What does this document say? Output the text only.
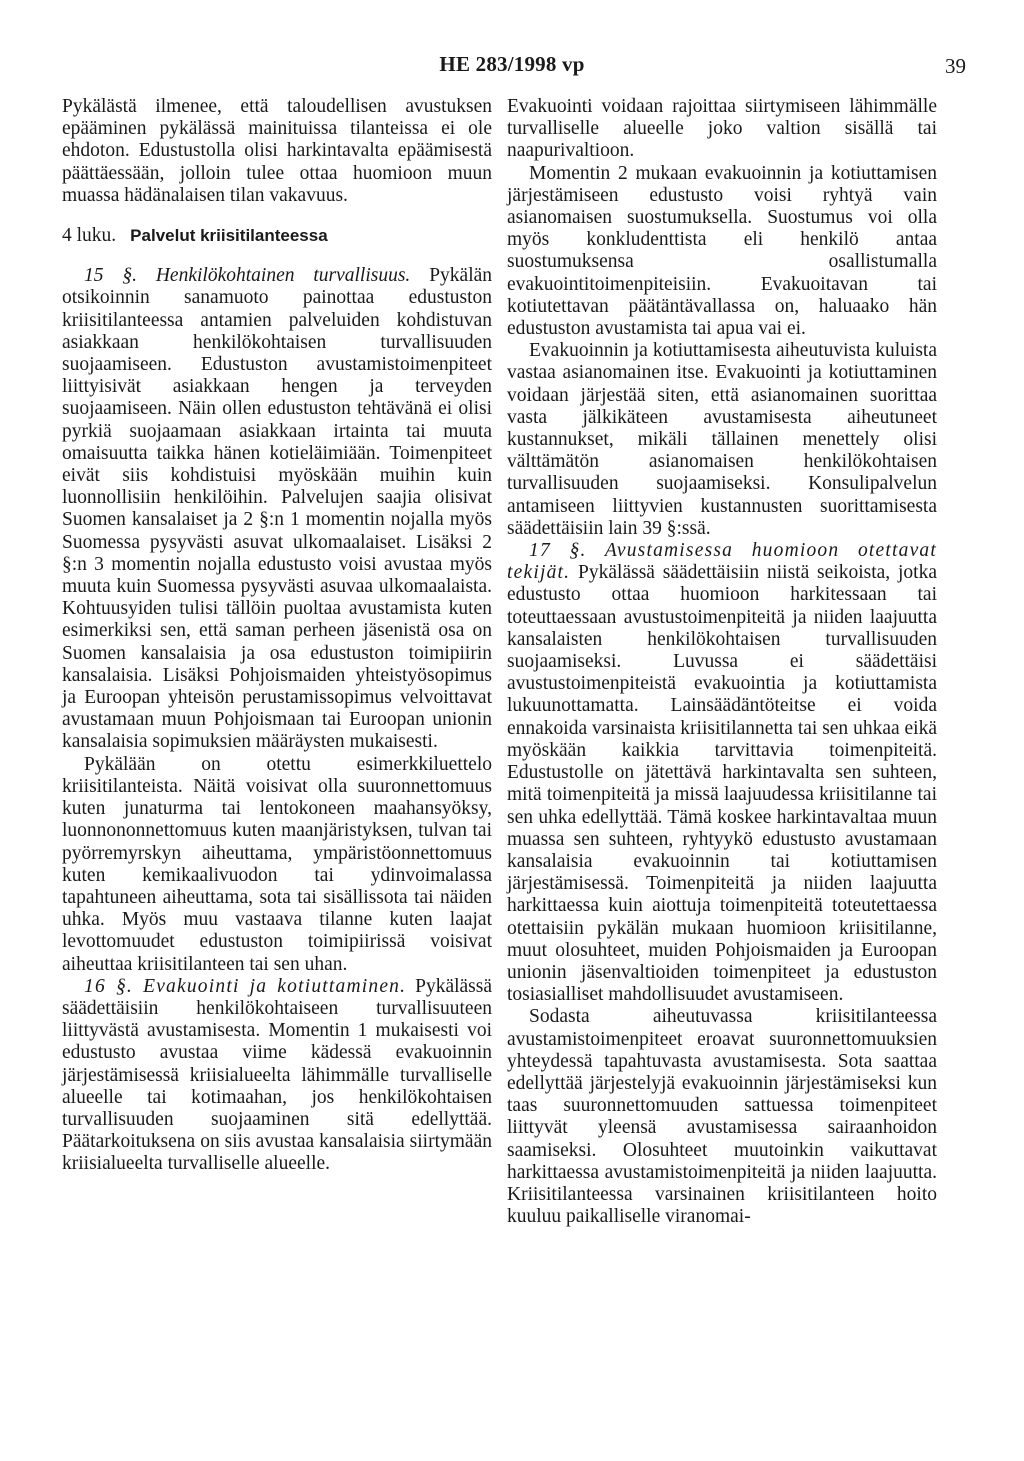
HE 283/1998 vp	39

Pykälästä ilmenee, että taloudellisen avustuksen epääminen pykälässä mainituissa tilanteissa ei ole ehdoton. Edustustolla olisi harkintavalta epäämisestä päättäessään, jolloin tulee ottaa huomioon muun muassa hädänalaisen tilan vakavuus.

4 luku. Palvelut kriisitilanteessa

15 §. Henkilökohtainen turvallisuus. Pykälän otsikoinnin sanamuoto painottaa edustuston kriisitilanteessa antamien palveluiden kohdistuvan asiakkaan henkilökohtaisen turvallisuuden suojaamiseen. Edustuston avustamistoimenpiteet liittyisivät asiakkaan hengen ja terveyden suojaamiseen. Näin ollen edustuston tehtävänä ei olisi pyrkiä suojaamaan asiakkaan irtainta tai muuta omaisuutta taikka hänen kotieläimiään. Toimenpiteet eivät siis kohdistuisi myöskään muihin kuin luonnollisiin henkilöihin. Palvelujen saajia olisivat Suomen kansalaiset ja 2 §:n 1 momentin nojalla myös Suomessa pysyvästi asuvat ulkomaalaiset. Lisäksi 2 §:n 3 momentin nojalla edustusto voisi avustaa myös muuta kuin Suomessa pysyvästi asuvaa ulkomaalaista. Kohtuusyiden tulisi tällöin puoltaa avustamista kuten esimerkiksi sen, että saman perheen jäsenistä osa on Suomen kansalaisia ja osa edustuston toimipiirin kansalaisia. Lisäksi Pohjoismaiden yhteistyösopimus ja Euroopan yhteisön perustamissopimus velvoittavat avustamaan muun Pohjoismaan tai Euroopan unionin kansalaisia sopimuksien määräysten mukaisesti.

Pykälään on otettu esimerkkiluettelo kriisitilanteista. Näitä voisivat olla suuronnettomuus kuten junaturma tai lentokoneen maahansyöksy, luonnononnettomuus kuten maanjäristyksen, tulvan tai pyörremyrskyn aiheuttama, ympäristöonnettomuus kuten kemikaalivuodon tai ydinvoimalassa tapahtuneen aiheuttama, sota tai sisällissota tai näiden uhka. Myös muu vastaava tilanne kuten laajat levottomuudet edustuston toimipiirissä voisivat aiheuttaa kriisitilanteen tai sen uhan.

16 §. Evakuointi ja kotiuttaminen. Pykälässä säädettäisiin henkilökohtaiseen turvallisuuteen liittyvästä avustamisesta. Momentin 1 mukaisesti voi edustusto avustaa viime kädessä evakuoinnin järjestämisessä kriisialueelta lähimmälle turvalliselle alueelle tai kotimaahan, jos henkilökohtaisen turvallisuuden suojaaminen sitä edellyttää. Päätarkoituksena on siis avustaa kansalaisia siirtymään kriisialueelta turvalliselle alueelle.

Evakuointi voidaan rajoittaa siirtymiseen lähimmälle turvalliselle alueelle joko valtion sisällä tai naapurivaltioon.

Momentin 2 mukaan evakuoinnin ja kotiuttamisen järjestämiseen edustusto voisi ryhtyä vain asianomaisen suostumuksella. Suostumus voi olla myös konkludenttista eli henkilö antaa suostumuksensa osallistumalla evakuointitoimenpiteisiin. Evakuoitavan tai kotiutettavan päätäntävallassa on, haluaako hän edustuston avustamista tai apua vai ei.

Evakuoinnin ja kotiuttamisesta aiheutuvista kuluista vastaa asianomainen itse. Evakuointi ja kotiuttaminen voidaan järjestää siten, että asianomainen suorittaa vasta jälkikäteen avustamisesta aiheutuneet kustannukset, mikäli tällainen menettely olisi välttämätön asianomaisen henkilökohtaisen turvallisuuden suojaamiseksi. Konsulipalvelun antamiseen liittyvien kustannusten suorittamisesta säädettäisiin lain 39 §:ssä.

17 §. Avustamisessa huomioon otettavat tekijät. Pykälässä säädettäisiin niistä seikoista, jotka edustusto ottaa huomioon harkitessaan tai toteuttaessaan avustustoimenpiteitä ja niiden laajuutta kansalaisten henkilökohtaisen turvallisuuden suojaamiseksi. Luvussa ei säädettäisi avustustoimenpiteistä evakuointia ja kotiuttamista lukuunottamatta. Lainsäädäntöteitse ei voida ennakoida varsinaista kriisitilannetta tai sen uhkaa eikä myöskään kaikkia tarvittavia toimenpiteitä. Edustustolle on jätettävä harkintavalta sen suhteen, mitä toimenpiteitä ja missä laajuudessa kriisitilanne tai sen uhka edellyttää. Tämä koskee harkintavaltaa muun muassa sen suhteen, ryhtyykö edustusto avustamaan kansalaisia evakuoinnin tai kotiuttamisen järjestämisessä. Toimenpiteitä ja niiden laajuutta harkittaessa kuin aiottuja toimenpiteitä toteutettaessa otettaisiin pykälän mukaan huomioon kriisitilanne, muut olosuhteet, muiden Pohjoismaiden ja Euroopan unionin jäsenvaltioiden toimenpiteet ja edustuston tosiasialliset mahdollisuudet avustamiseen.

Sodasta aiheutuvassa kriisitilanteessa avustamistoimenpiteet eroavat suuronnettomuuksien yhteydessä tapahtuvasta avustamisesta. Sota saattaa edellyttää järjestelyjä evakuoinnin järjestämiseksi kun taas suuronnettomuuden sattuessa toimenpiteet liittyvät yleensä avustamisessa sairaanhoidon saamiseksi. Olosuhteet muutoinkin vaikuttavat harkittaessa avustamistoimenpiteitä ja niiden laajuutta. Kriisitilanteessa varsinainen kriisitilanteen hoito kuuluu paikalliselle viranomai-
